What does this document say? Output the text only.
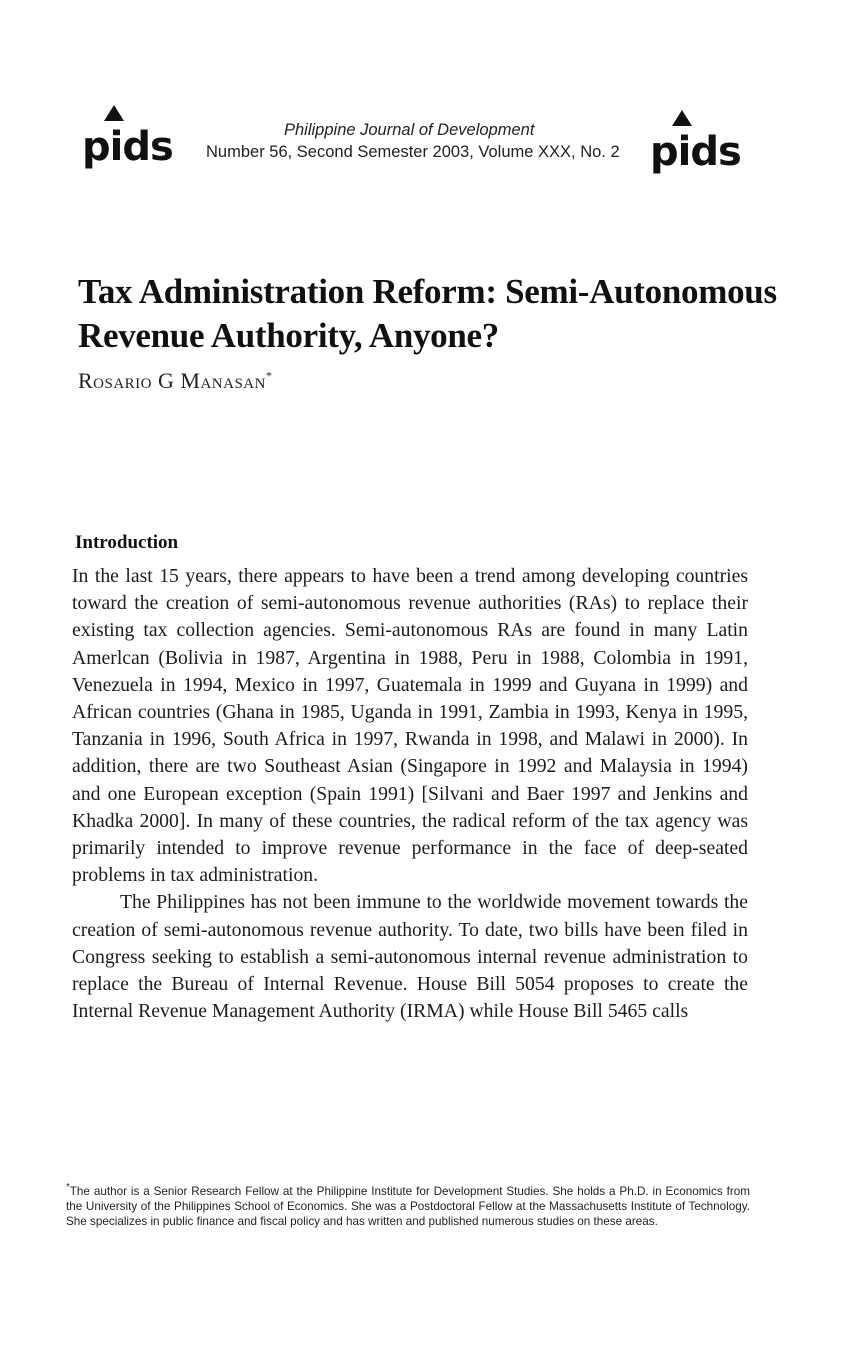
pids	Philippine Journal of Development
Number 56, Second Semester 2003, Volume XXX, No. 2 pids
Tax Administration Reform: Semi-Autonomous Revenue Authority, Anyone?
Rosario G Manasan*
Introduction

In the last 15 years, there appears to have been a trend among developing countries toward the creation of semi-autonomous revenue authorities (RAs) to replace their existing tax collection agencies. Semi-autonomous RAs are found in many Latin Amerlcan (Bolivia in 1987, Argentina in 1988, Peru in 1988, Colombia in 1991, Venezuela in 1994, Mexico in 1997, Guatemala in 1999 and Guyana in 1999) and African countries (Ghana in 1985, Uganda in 1991, Zambia in 1993, Kenya in 1995, Tanzania in 1996, South Africa in 1997, Rwanda in 1998, and Malawi in 2000). In addition, there are two Southeast Asian (Singapore in 1992 and Malaysia in 1994) and one European exception (Spain 1991) [Silvani and Baer 1997 and Jenkins and Khadka 2000]. In many of these countries, the radical reform of the tax agency was primarily intended to improve revenue performance in the face of deep-seated problems in tax administration.

The Philippines has not been immune to the worldwide movement towards the creation of semi-autonomous revenue authority. To date, two bills have been filed in Congress seeking to establish a semi-autonomous internal revenue administration to replace the Bureau of Internal Revenue. House Bill 5054 proposes to create the Internal Revenue Management Authority (IRMA) while House Bill 5465 calls

*The author is a Senior Research Fellow at the Philippine Institute for Development Studies. She holds a Ph.D. in Economics from the University of the Philippines School of Economics. She was a Postdoctoral Fellow at the Massachusetts Institute of Technology. She specializes in public finance and fiscal policy and has written and published numerous studies on these areas.
